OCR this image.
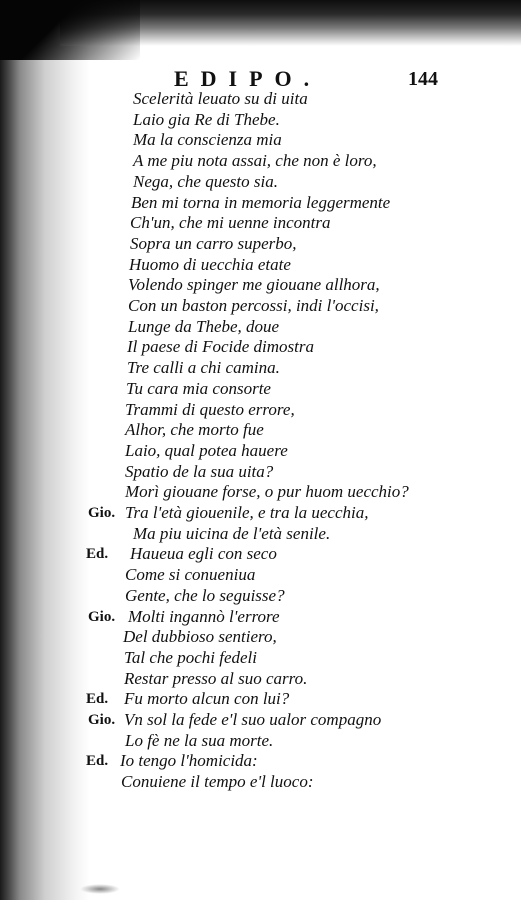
EDIPO.	144
Scelerità leuato su di uita
Laio gia Re di Thebe.
Ma la conscienza mia
A me piu nota assai, che non è loro,
Nega, che questo sia.
Ben mi torna in memoria leggermente
Ch'un, che mi uenne incontra
Sopra un carro superbo,
Huomo di uecchia etate
Volendo spinger me giouane allhora,
Con un baston percossi, indi l'occisi,
Lunge da Thebe, doue
Il paese di Focide dimostra
Tre calli a chi camina.
Tu cara mia consorte
Trammi di questo errore,
Alhor, che morto fue
Laio, qual potea hauere
Spatio de la sua uita?
Morì giouane forse, o pur huom uecchio?
Gio. Tra l'età giouenile, e tra la uecchia,
Ma piu uicina de l'età senile.
Ed. Haueua egli con seco
Come si conueniua
Gente, che lo seguisse?
Gio. Molti ingannò l'errore
Del dubbioso sentiero,
Tal che pochi fedeli
Restar presso al suo carro.
Ed. Fu morto alcun con lui?
Gio. Vn sol la fede e'l suo ualor compagno
Lo fè ne la sua morte.
Ed. Io tengo l'homicida:
Conuiene il tempo e'l luoco:
